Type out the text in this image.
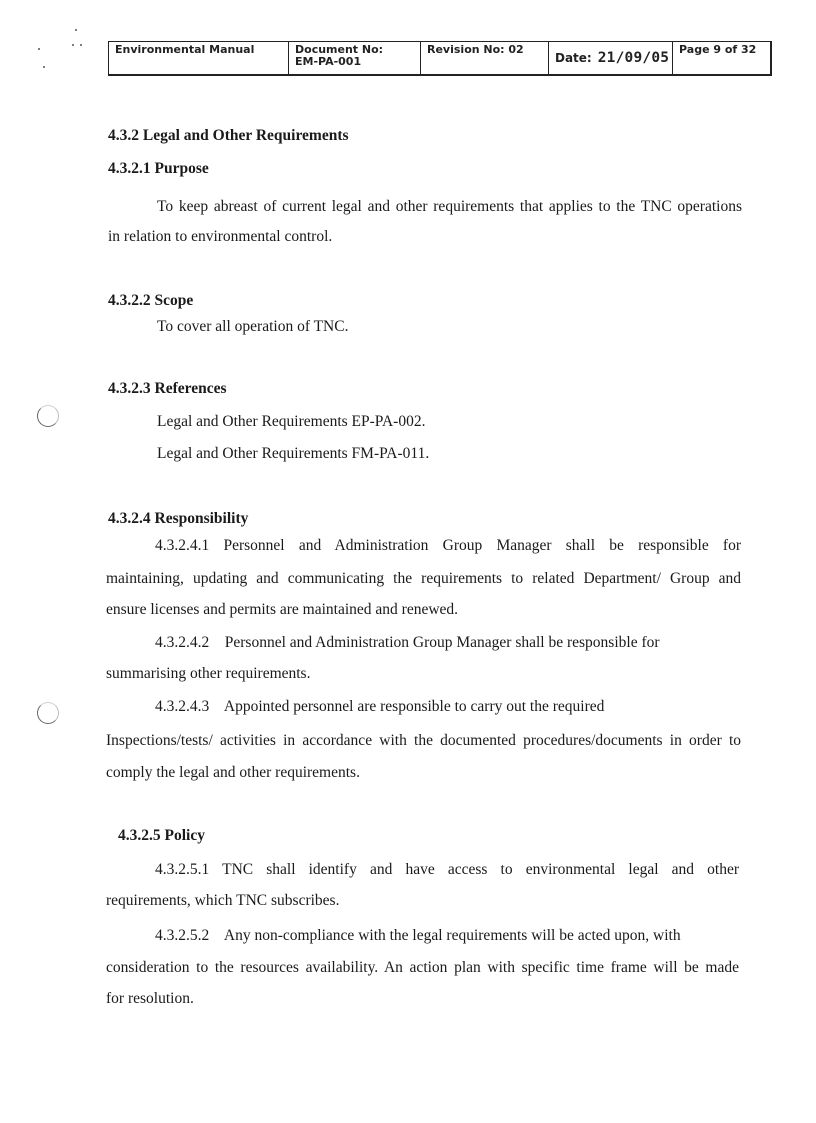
Environmental Manual	Document No:
EM-PA-001
Revision No: 02
Date: 21/09/05
Page 9 of 32
4.3.2 Legal and Other Requirements
4.3.2.1 Purpose
To keep abreast of current legal and other requirements that applies to the TNC operations
in relation to environmental control.
4.3.2.2 Scope
To cover all operation of TNC.
4.3.2.3 References
Legal and Other Requirements EP-PA-002.
Legal and Other Requirements FM-PA-011.
4.3.2.4 Responsibility
4.3.2.4.1 Personnel and Administration Group Manager shall be responsible for
maintaining, updating and communicating the requirements to related Department/ Group and
ensure licenses and permits are maintained and renewed.
4.3.2.4.2    Personnel and Administration Group Manager shall be responsible for
summarising other requirements.
4.3.2.4.3    Appointed personnel are responsible to carry out the required
Inspections/tests/ activities in accordance with the documented procedures/documents in order to
comply the legal and other requirements.
4.3.2.5 Policy
4.3.2.5.1 TNC shall identify and have access to environmental legal and other
requirements, which TNC subscribes.
4.3.2.5.2    Any non-compliance with the legal requirements will be acted upon, with
consideration to the resources availability. An action plan with specific time frame will be made
for resolution.
